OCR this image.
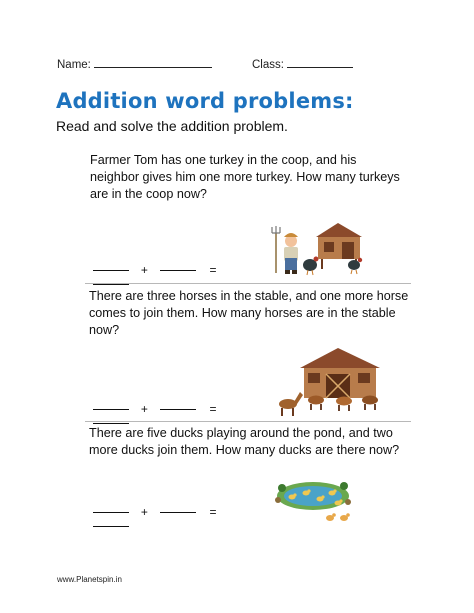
Name:	Class:
Addition word problems:
Read and solve the addition problem.
Farmer Tom has one turkey in the coop, and his neighbor gives him one more turkey. How many turkeys are in the coop now?
+	=
There are three horses in the stable, and one more horse comes to join them. How many horses are in the stable now?
+	=
There are five ducks playing around the pond, and two more ducks join them. How many ducks are there now?
+	=
www.Planetspin.in
